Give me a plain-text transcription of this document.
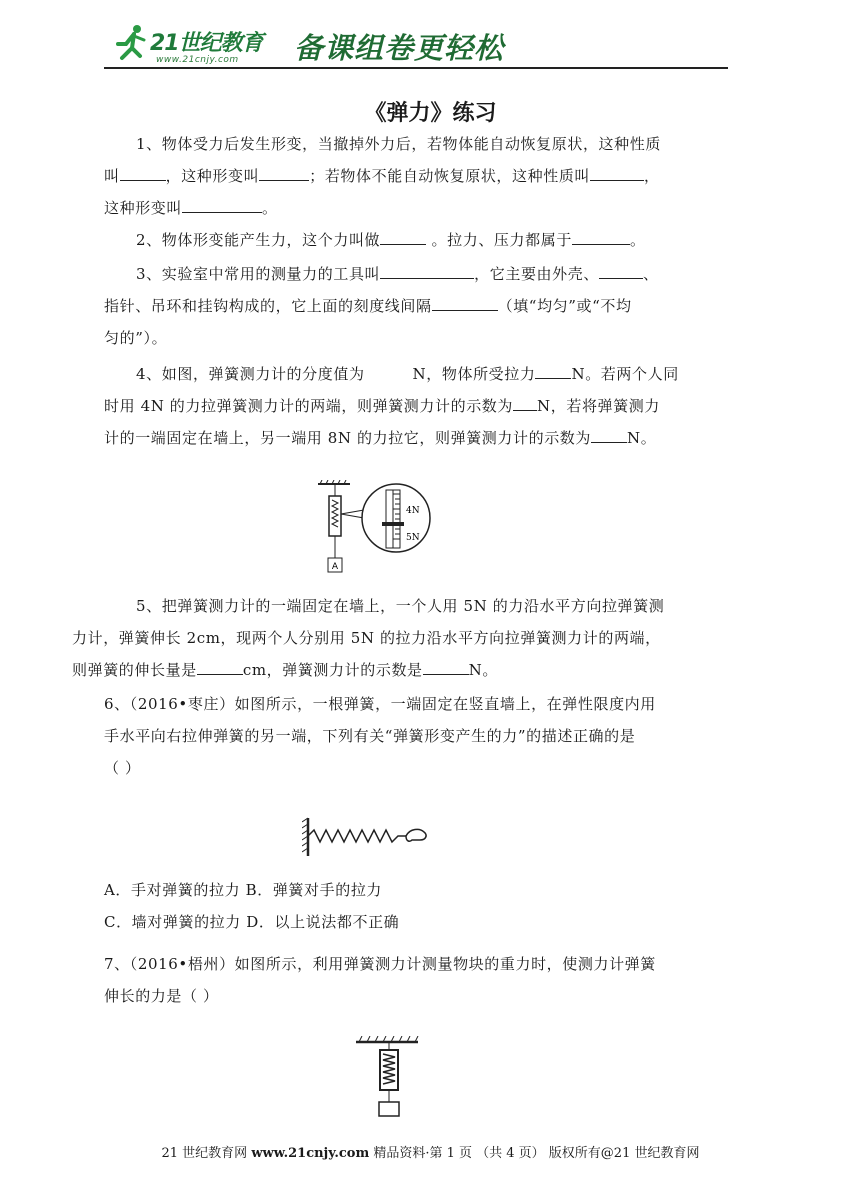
21世纪教育
www.21cnjy.com 备课组卷更轻松
《弹力》练习
1、物体受力后发生形变，当撤掉外力后，若物体能自动恢复原状，这种性质
叫	，这种形变叫	；若物体不能自动恢复原状，这种性质叫	，
这种形变叫	。
2、物体形变能产生力，这个力叫做	。拉力、压力都属于	。
3、实验室中常用的测量力的工具叫	，它主要由外壳、	、
指针、吊环和挂钩构成的，它上面的刻度线间隔	（填“均匀”或“不均
匀的”）。
4、如图，弹簧测力计的分度值为	N，物体所受拉力 N。若两个人同
时用 4N 的力拉弹簧测力计的两端，则弹簧测力计的示数为 N，若将弹簧测力
计的一端固定在墙上，另一端用 8N 的力拉它，则弹簧测力计的示数为 N。
A
4N
5N
5、把弹簧测力计的一端固定在墙上，一个人用 5N 的力沿水平方向拉弹簧测
力计，弹簧伸长 2cm，现两个人分别用 5N 的拉力沿水平方向拉弹簧测力计的两端，
则弹簧的伸长量是	cm，弹簧测力计的示数是	N。
6、（2016•枣庄）如图所示，一根弹簧，一端固定在竖直墙上，在弹性限度内用
手水平向右拉伸弹簧的另一端，下列有关“弹簧形变产生的力”的描述正确的是
（ ）
A．手对弹簧的拉力 B．弹簧对手的拉力
C．墙对弹簧的拉力 D．以上说法都不正确
7、（2016•梧州）如图所示，利用弹簧测力计测量物块的重力时，使测力计弹簧
伸长的力是（ ）
21 世纪教育网 www.21cnjy.com 精品资料·第 1 页 （共 4 页） 版权所有@21 世纪教育网
